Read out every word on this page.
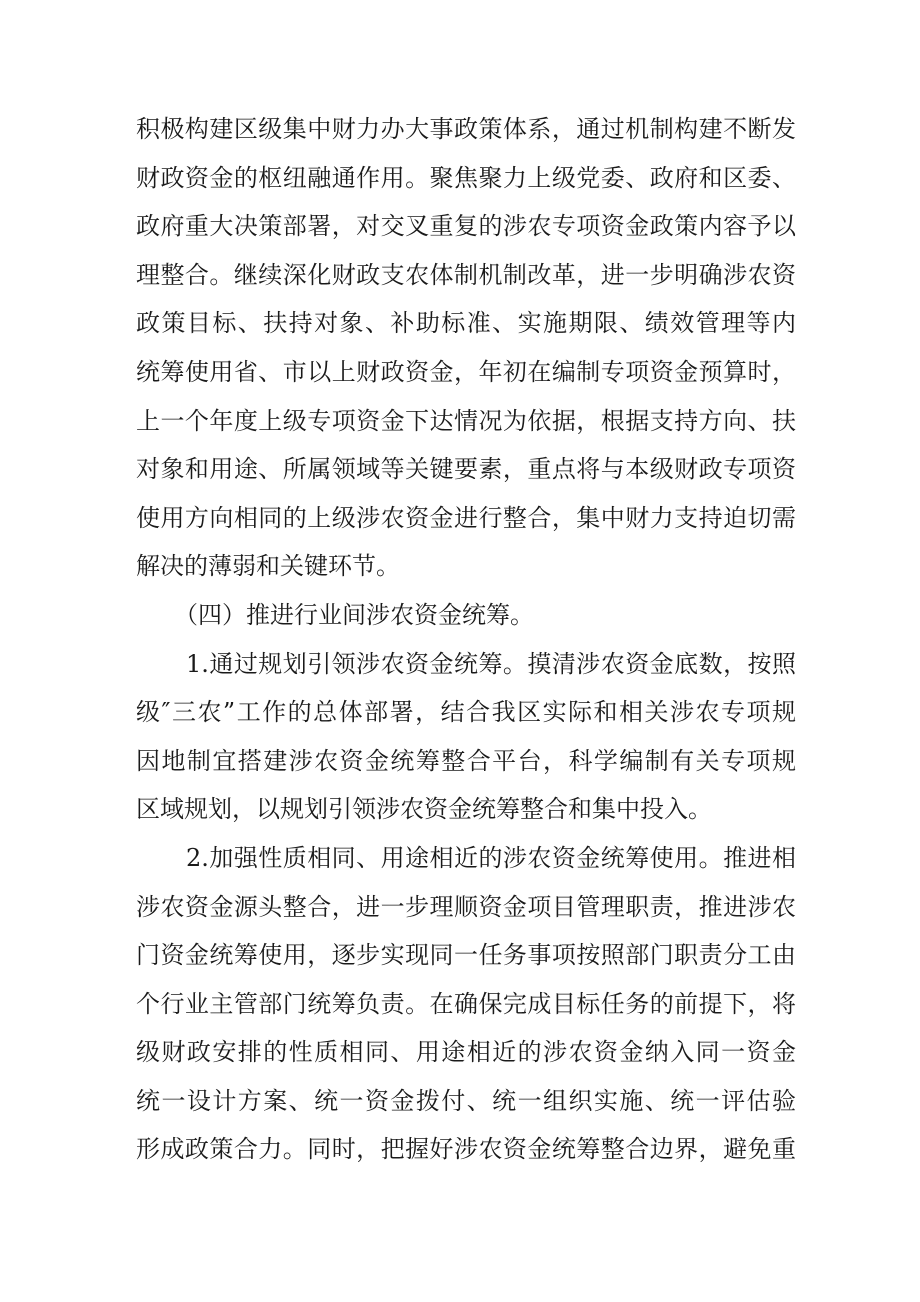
积极构建区级集中财力办大事政策体系，通过机制构建不断发
财政资金的枢纽融通作用。聚焦聚力上级党委、政府和区委、
政府重大决策部署，对交叉重复的涉农专项资金政策内容予以
理整合。继续深化财政支农体制机制改革，进一步明确涉农资
政策目标、扶持对象、补助标准、实施期限、绩效管理等内
统筹使用省、市以上财政资金，年初在编制专项资金预算时，
上一个年度上级专项资金下达情况为依据，根据支持方向、扶
对象和用途、所属领域等关键要素，重点将与本级财政专项资
使用方向相同的上级涉农资金进行整合，集中财力支持迫切需
解决的薄弱和关键环节。
（四）推进行业间涉农资金统筹。
1.通过规划引领涉农资金统筹。摸清涉农资金底数，按照
级″三农”工作的总体部署，结合我区实际和相关涉农专项规
因地制宜搭建涉农资金统筹整合平台，科学编制有关专项规
区域规划，以规划引领涉农资金统筹整合和集中投入。
2.加强性质相同、用途相近的涉农资金统筹使用。推进相
涉农资金源头整合，进一步理顺资金项目管理职责，推进涉农
门资金统筹使用，逐步实现同一任务事项按照部门职责分工由
个行业主管部门统筹负责。在确保完成目标任务的前提下，将
级财政安排的性质相同、用途相近的涉农资金纳入同一资金
统一设计方案、统一资金拨付、统一组织实施、统一评估验
形成政策合力。同时，把握好涉农资金统筹整合边界，避免重
